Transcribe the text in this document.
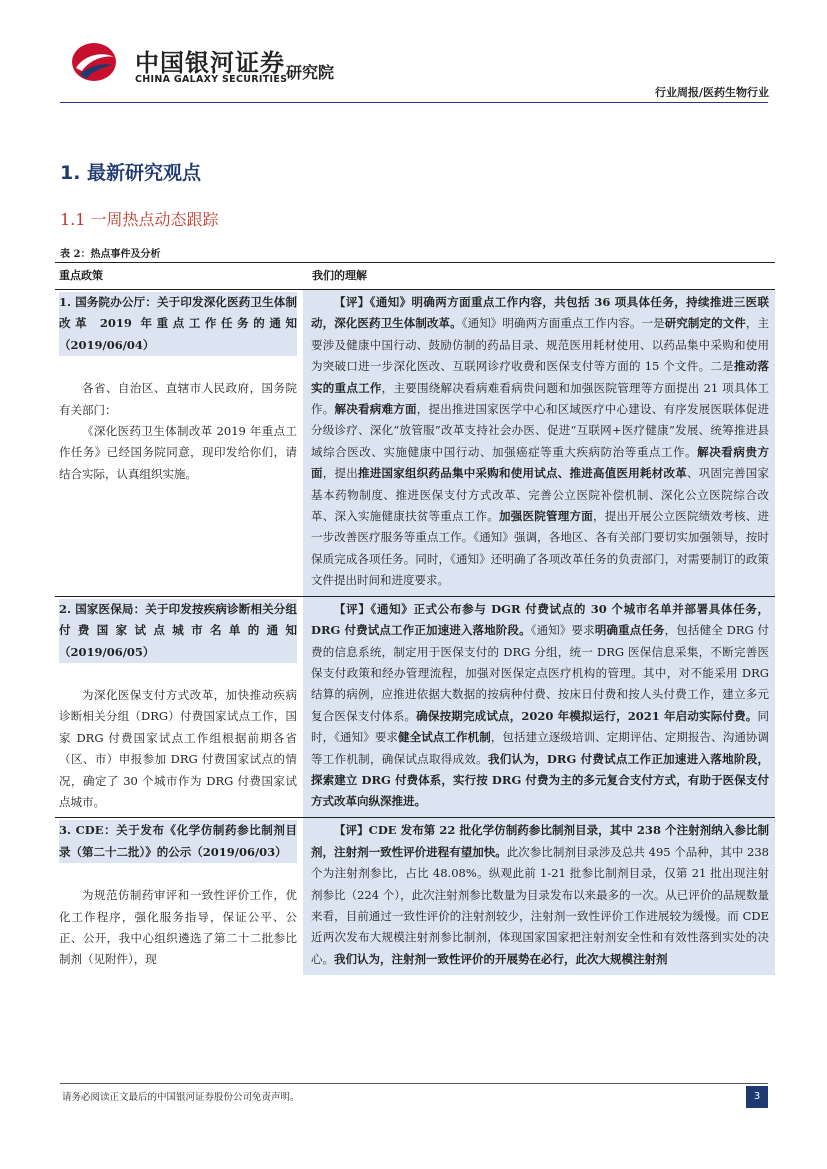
中国银河证券
CHINA GALAXY SECURITIES
研究院
行业周报/医药生物行业
1. 最新研究观点
1.1 一周热点动态跟踪
表 2：热点事件及分析
重点政策	我们的理解

1. 国务院办公厅：关于印发深化医药卫生体制改革 2019 年重点工作任务的通知（2019/06/04）

各省、自治区、直辖市人民政府，国务院有关部门：

《深化医药卫生体制改革 2019 年重点工作任务》已经国务院同意，现印发给你们，请结合实际，认真组织实施。

【评】《通知》明确两方面重点工作内容，共包括 36 项具体任务，持续推进三医联动，深化医药卫生体制改革。《通知》明确两方面重点工作内容。一是研究制定的文件，主要涉及健康中国行动、鼓励仿制的药品目录、规范医用耗材使用、以药品集中采购和使用为突破口进一步深化医改、互联网诊疗收费和医保支付等方面的 15 个文件。二是推动落实的重点工作，主要围绕解决看病难看病贵问题和加强医院管理等方面提出 21 项具体工作。解决看病难方面，提出推进国家医学中心和区域医疗中心建设、有序发展医联体促进分级诊疗、深化“放管服”改革支持社会办医、促进“互联网+医疗健康”发展、统筹推进县域综合医改、实施健康中国行动、加强癌症等重大疾病防治等重点工作。解决看病贵方面，提出推进国家组织药品集中采购和使用试点、推进高值医用耗材改革、巩固完善国家基本药物制度、推进医保支付方式改革、完善公立医院补偿机制、深化公立医院综合改革、深入实施健康扶贫等重点工作。加强医院管理方面，提出开展公立医院绩效考核、进一步改善医疗服务等重点工作。《通知》强调，各地区、各有关部门要切实加强领导，按时保质完成各项任务。同时，《通知》还明确了各项改革任务的负责部门，对需要制订的政策文件提出时间和进度要求。

2. 国家医保局：关于印发按疾病诊断相关分组付费国家试点城市名单的通知（2019/06/05）

为深化医保支付方式改革，加快推动疾病诊断相关分组（DRG）付费国家试点工作，国家 DRG 付费国家试点工作组根据前期各省（区、市）申报参加 DRG 付费国家试点的情况，确定了 30 个城市作为 DRG 付费国家试点城市。

【评】《通知》正式公布参与 DGR 付费试点的 30 个城市名单并部署具体任务，DRG 付费试点工作正加速进入落地阶段。《通知》要求明确重点任务，包括健全 DRG 付费的信息系统，制定用于医保支付的 DRG 分组，统一 DRG 医保信息采集，不断完善医保支付政策和经办管理流程，加强对医保定点医疗机构的管理。其中，对不能采用 DRG 结算的病例，应推进依据大数据的按病种付费、按床日付费和按人头付费工作，建立多元复合医保支付体系。确保按期完成试点，2020 年模拟运行，2021 年启动实际付费。同时，《通知》要求健全试点工作机制，包括建立逐级培训、定期评估、定期报告、沟通协调等工作机制，确保试点取得成效。我们认为，DRG 付费试点工作正加速进入落地阶段，探索建立 DRG 付费体系，实行按 DRG 付费为主的多元复合支付方式，有助于医保支付方式改革向纵深推进。

3. CDE：关于发布《化学仿制药参比制剂目录（第二十二批）》的公示（2019/06/03）

为规范仿制药审评和一致性评价工作，优化工作程序，强化服务指导，保证公平、公正、公开，我中心组织遴选了第二十二批参比制剂（见附件），现

【评】CDE 发布第 22 批化学仿制药参比制剂目录，其中 238 个注射剂纳入参比制剂，注射剂一致性评价进程有望加快。此次参比制剂目录涉及总共 495 个品种，其中 238 个为注射剂参比，占比 48.08%。纵观此前 1-21 批参比制剂目录，仅第 21 批出现注射剂参比（224 个），此次注射剂参比数量为目录发布以来最多的一次。从已评价的品规数量来看，目前通过一致性评价的注射剂较少，注射剂一致性评价工作进展较为缓慢。而 CDE 近两次发布大规模注射剂参比制剂，体现国家国家把注射剂安全性和有效性落到实处的决心。我们认为，注射剂一致性评价的开展势在必行，此次大规模注射剂

请务必阅读正文最后的中国银河证券股份公司免责声明。	3
